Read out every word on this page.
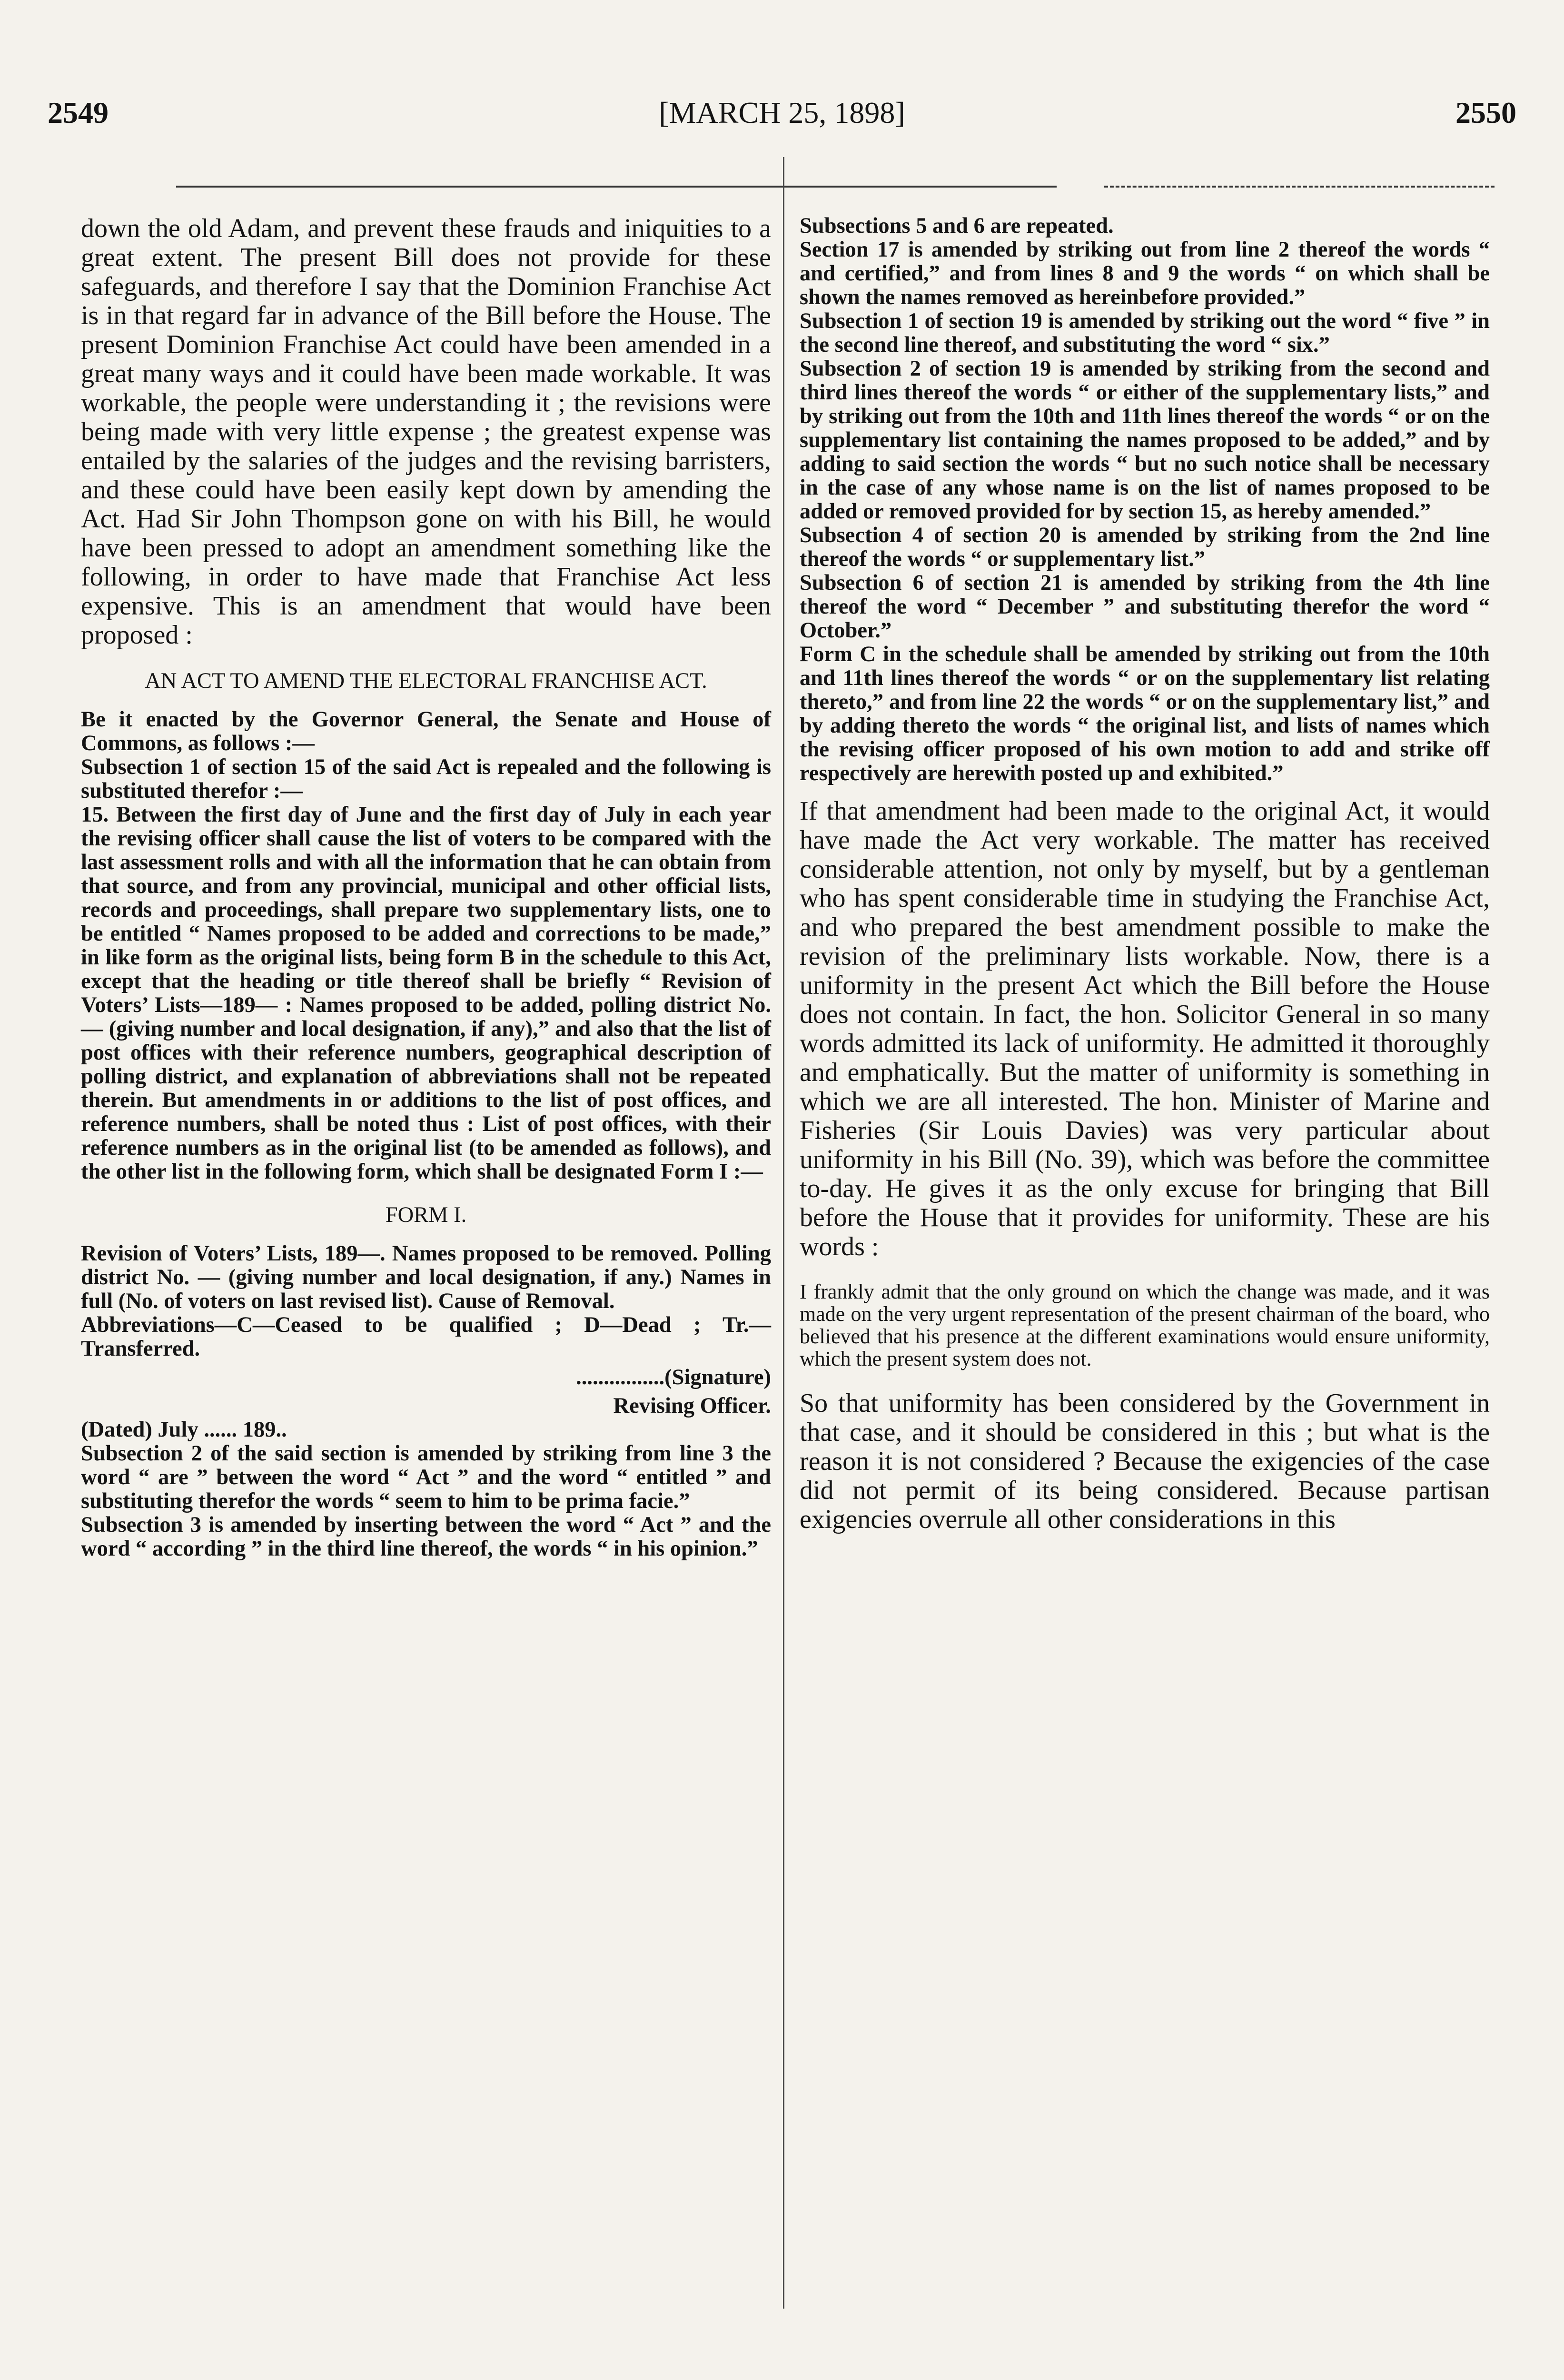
2549	[MARCH 25, 1898]	2550

down the old Adam, and prevent these frauds and iniquities to a great extent. The present Bill does not provide for these safeguards, and therefore I say that the Dominion Franchise Act is in that regard far in advance of the Bill before the House. The present Dominion Franchise Act could have been amended in a great many ways and it could have been made workable. It was workable, the people were understanding it ; the revisions were being made with very little expense ; the greatest expense was entailed by the salaries of the judges and the revising barristers, and these could have been easily kept down by amending the Act. Had Sir John Thompson gone on with his Bill, he would have been pressed to adopt an amendment something like the following, in order to have made that Franchise Act less expensive. This is an amendment that would have been proposed :

AN ACT TO AMEND THE ELECTORAL FRANCHISE ACT.

Be it enacted by the Governor General, the Senate and House of Commons, as follows :—

Subsection 1 of section 15 of the said Act is repealed and the following is substituted therefor :—

15. Between the first day of June and the first day of July in each year the revising officer shall cause the list of voters to be compared with the last assessment rolls and with all the information that he can obtain from that source, and from any provincial, municipal and other official lists, records and proceedings, shall prepare two supplementary lists, one to be entitled “ Names proposed to be added and corrections to be made,” in like form as the original lists, being form B in the schedule to this Act, except that the heading or title thereof shall be briefly “ Revision of Voters’ Lists—189— : Names proposed to be added, polling district No. — (giving number and local designation, if any),” and also that the list of post offices with their reference numbers, geographical description of polling district, and explanation of abbreviations shall not be repeated therein. But amendments in or additions to the list of post offices, and reference numbers, shall be noted thus : List of post offices, with their reference numbers as in the original list (to be amended as follows), and the other list in the following form, which shall be designated Form I :—

FORM I.

Revision of Voters’ Lists, 189—. Names proposed to be removed. Polling district No. — (giving number and local designation, if any.) Names in full (No. of voters on last revised list). Cause of Removal.

Abbreviations—C—Ceased to be qualified ; D—Dead ; Tr.—Transferred.

................(Signature)

Revising Officer.

(Dated) July ...... 189..

Subsection 2 of the said section is amended by striking from line 3 the word “ are ” between the word “ Act ” and the word “ entitled ” and substituting therefor the words “ seem to him to be prima facie.”

Subsection 3 is amended by inserting between the word “ Act ” and the word “ according ” in the third line thereof, the words “ in his opinion.”

Subsections 5 and 6 are repeated.

Section 17 is amended by striking out from line 2 thereof the words “ and certified,” and from lines 8 and 9 the words “ on which shall be shown the names removed as hereinbefore provided.”

Subsection 1 of section 19 is amended by striking out the word “ five ” in the second line thereof, and substituting the word “ six.”

Subsection 2 of section 19 is amended by striking from the second and third lines thereof the words “ or either of the supplementary lists,” and by striking out from the 10th and 11th lines thereof the words “ or on the supplementary list containing the names proposed to be added,” and by adding to said section the words “ but no such notice shall be necessary in the case of any whose name is on the list of names proposed to be added or removed provided for by section 15, as hereby amended.”

Subsection 4 of section 20 is amended by striking from the 2nd line thereof the words “ or supplementary list.”

Subsection 6 of section 21 is amended by striking from the 4th line thereof the word “ December ” and substituting therefor the word “ October.”

Form C in the schedule shall be amended by striking out from the 10th and 11th lines thereof the words “ or on the supplementary list relating thereto,” and from line 22 the words “ or on the supplementary list,” and by adding thereto the words “ the original list, and lists of names which the revising officer proposed of his own motion to add and strike off respectively are herewith posted up and exhibited.”

If that amendment had been made to the original Act, it would have made the Act very workable. The matter has received considerable attention, not only by myself, but by a gentleman who has spent considerable time in studying the Franchise Act, and who prepared the best amendment possible to make the revision of the preliminary lists workable. Now, there is a uniformity in the present Act which the Bill before the House does not contain. In fact, the hon. Solicitor General in so many words admitted its lack of uniformity. He admitted it thoroughly and emphatically. But the matter of uniformity is something in which we are all interested. The hon. Minister of Marine and Fisheries (Sir Louis Davies) was very particular about uniformity in his Bill (No. 39), which was before the committee to-day. He gives it as the only excuse for bringing that Bill before the House that it provides for uniformity. These are his words :

I frankly admit that the only ground on which the change was made, and it was made on the very urgent representation of the present chairman of the board, who believed that his presence at the different examinations would ensure uniformity, which the present system does not.

So that uniformity has been considered by the Government in that case, and it should be considered in this ; but what is the reason it is not considered ? Because the exigencies of the case did not permit of its being considered. Because partisan exigencies overrule all other considerations in this
